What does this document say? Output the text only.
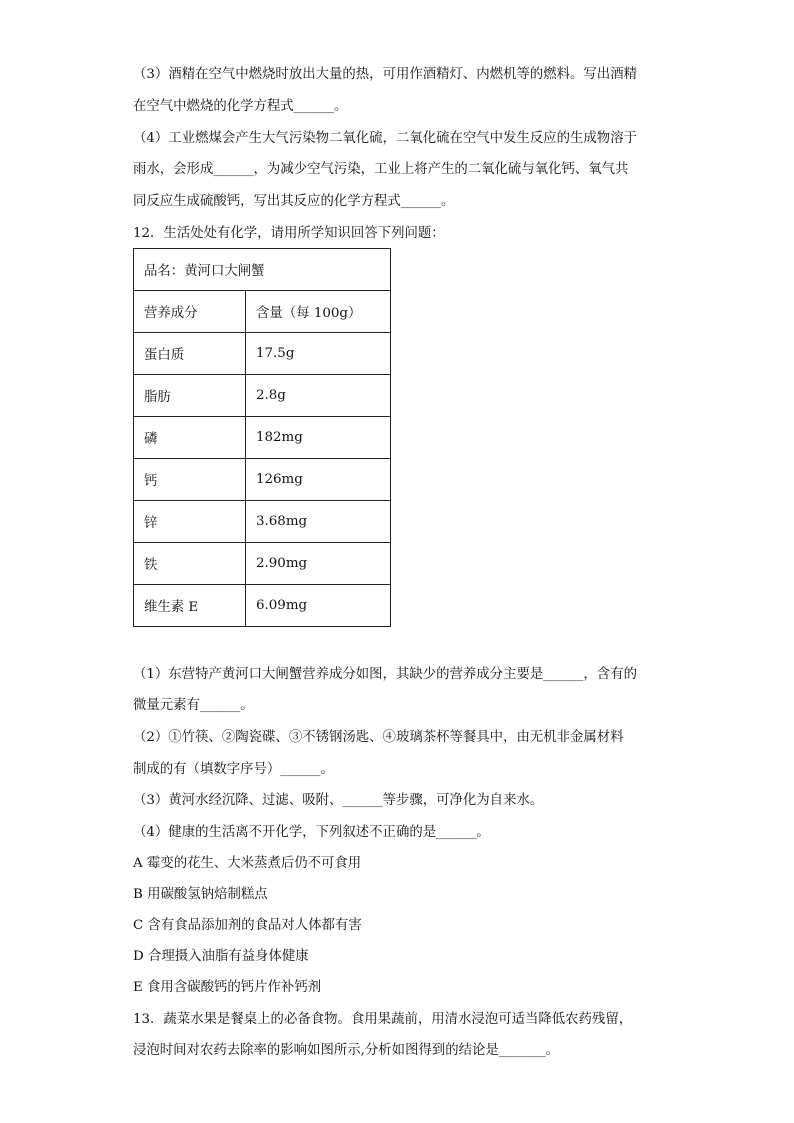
（3）酒精在空气中燃烧时放出大量的热，可用作酒精灯、内燃机等的燃料。写出酒精
在空气中燃烧的化学方程式______。
（4）工业燃煤会产生大气污染物二氧化硫，二氧化硫在空气中发生反应的生成物溶于
雨水，会形成______，为减少空气污染，工业上将产生的二氧化硫与氧化钙、氧气共
同反应生成硫酸钙，写出其反应的化学方程式______。
12．生活处处有化学，请用所学知识回答下列问题：
品名：黄河口大闸蟹	
营养成分	含量（每 100g）
蛋白质	17.5g
脂肪	2.8g
磷	182mg
钙	126mg
锌	3.68mg
铁	2.90mg
维生素 E	6.09mg
（1）东营特产黄河口大闸蟹营养成分如图，其缺少的营养成分主要是______，含有的
微量元素有______。
（2）①竹筷、②陶瓷碟、③不锈钢汤匙、④玻璃茶杯等餐具中，由无机非金属材料
制成的有（填数字序号）______。
（3）黄河水经沉降、过滤、吸附、______等步骤，可净化为自来水。
（4）健康的生活离不开化学，下列叙述不正确的是______。
A 霉变的花生、大米蒸煮后仍不可食用
B 用碳酸氢钠焙制糕点
C 含有食品添加剂的食品对人体都有害
D 合理摄入油脂有益身体健康
E 食用含碳酸钙的钙片作补钙剂
13．蔬菜水果是餐桌上的必备食物。食用果蔬前，用清水浸泡可适当降低农药残留，
浸泡时间对农药去除率的影响如图所示,分析如图得到的结论是_______。
